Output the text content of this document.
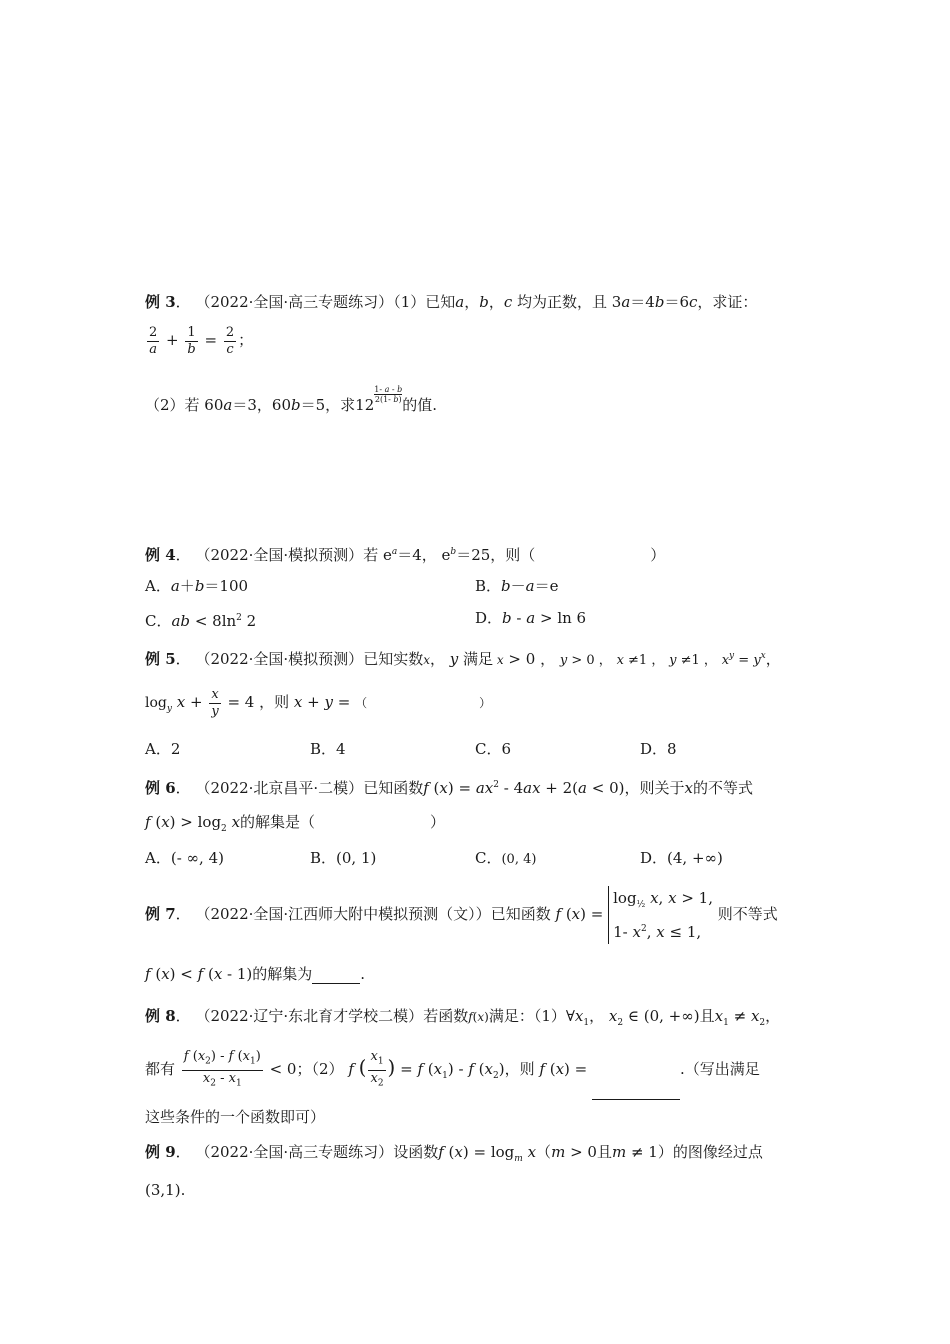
例 3． （2022·全国·高三专题练习）（1）已知a，b，c 均为正数，且 3a＝4b＝6c，求证：
$\frac{2}{a} + \frac{1}{b} = \frac{2}{c}$ ；
（2）若 60a＝3，60b＝5，求12
$\frac{1- a - b}{2(1- b)}$
的值.
例 4． （2022·全国·模拟预测）若 $e^a=4$， $e^b=25$，则（	）
A．a＋b＝100	B．b－a＝e
C．ab < $8\ln^2$ 2	D．b - a > ln 6
例 5． （2022·全国·模拟预测）已知实数x， y 满足 x > 0 ， y > 0 ， x ≠1 ， y ≠1 ， $x^y = y^x$，
$\log_y x + \frac{x}{y} = 4$ ，则 x + y = （	）
A．2	B．4	C．6	D．8
例 6． （2022·北京昌平·二模）已知函数f $(x) = ax^2 - 4ax + 2(a < 0)$，则关于x的不等式
f $(x) > \log_2 x$的解集是（	）
A．(- ∞, 4)	B．(0, 1)	C．(0, 4)	D．(4, +∞)
例 7． （2022·全国·江西师大附中模拟预测（文））已知函数 f (x) =
$\log_{\frac{1}{2}} x$, x > 1,
1- $x^2$, x ≤ 1,
则不等式
f (x) < f (x - 1)的解集为	.
例 8． （2022·辽宁·东北育才学校二模）若函数f(x)满足：$(1)\forall x_1$， $x_2$ ∈ (0, +∞)且$x_1 \ne x_2$，
都有 $\frac{f (x_2) - f (x_1)}{x_2 - x_1} < 0$；（2） f ( $\frac{x_1}{x_2}$ ) = f $(x_1)$ - f $(x_2)$，则 f (x) =	.（写出满足
这些条件的一个函数即可）
例 9． （2022·全国·高三专题练习）设函数f $(x) = \log_m x(m > 0$且m ≠ 1）的图像经过点
(3,1).
